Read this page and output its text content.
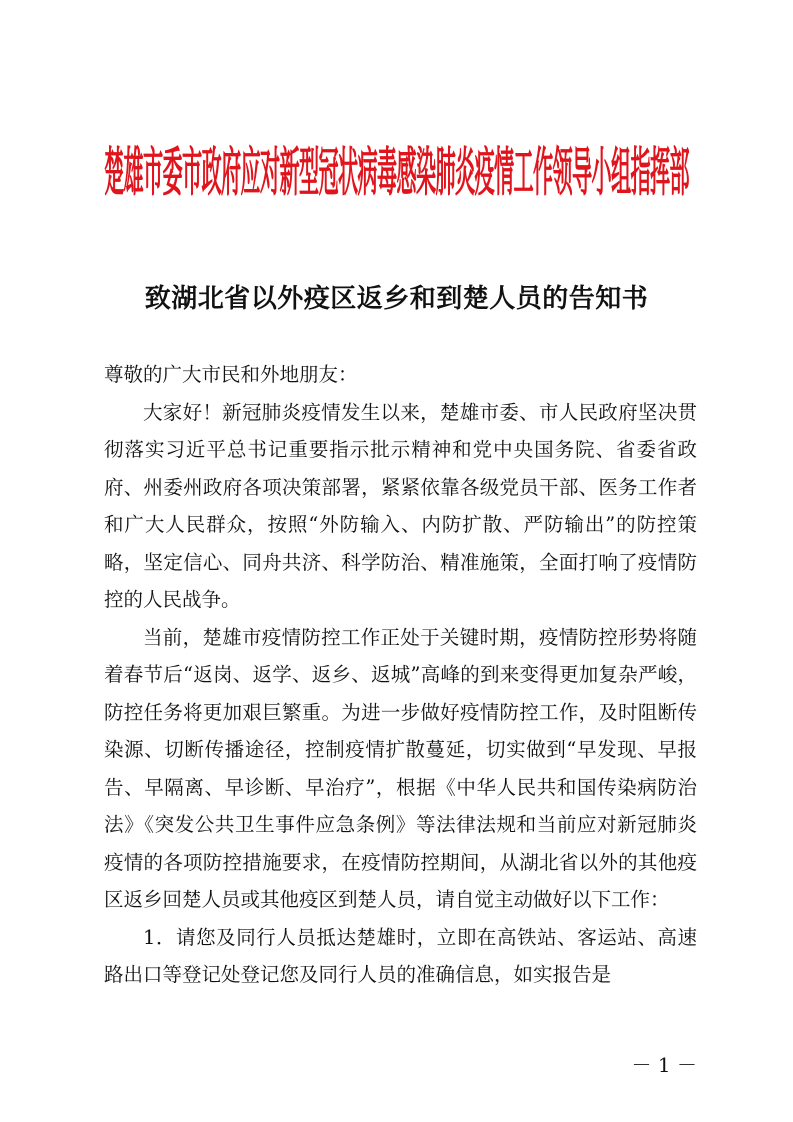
楚雄市委市政府应对新型冠状病毒感染肺炎疫情工作领导小组指挥部
致湖北省以外疫区返乡和到楚人员的告知书

尊敬的广大市民和外地朋友：

大家好！新冠肺炎疫情发生以来，楚雄市委、市人民政府坚决贯彻落实习近平总书记重要指示批示精神和党中央国务院、省委省政府、州委州政府各项决策部署，紧紧依靠各级党员干部、医务工作者和广大人民群众，按照“外防输入、内防扩散、严防输出”的防控策略，坚定信心、同舟共济、科学防治、精准施策，全面打响了疫情防控的人民战争。

当前，楚雄市疫情防控工作正处于关键时期，疫情防控形势将随着春节后“返岗、返学、返乡、返城”高峰的到来变得更加复杂严峻，防控任务将更加艰巨繁重。为进一步做好疫情防控工作，及时阻断传染源、切断传播途径，控制疫情扩散蔓延，切实做到“早发现、早报告、早隔离、早诊断、早治疗”，根据《中华人民共和国传染病防治法》《突发公共卫生事件应急条例》等法律法规和当前应对新冠肺炎疫情的各项防控措施要求，在疫情防控期间，从湖北省以外的其他疫区返乡回楚人员或其他疫区到楚人员，请自觉主动做好以下工作：

1．请您及同行人员抵达楚雄时，立即在高铁站、客运站、高速路出口等登记处登记您及同行人员的准确信息，如实报告是

－ 1 －
